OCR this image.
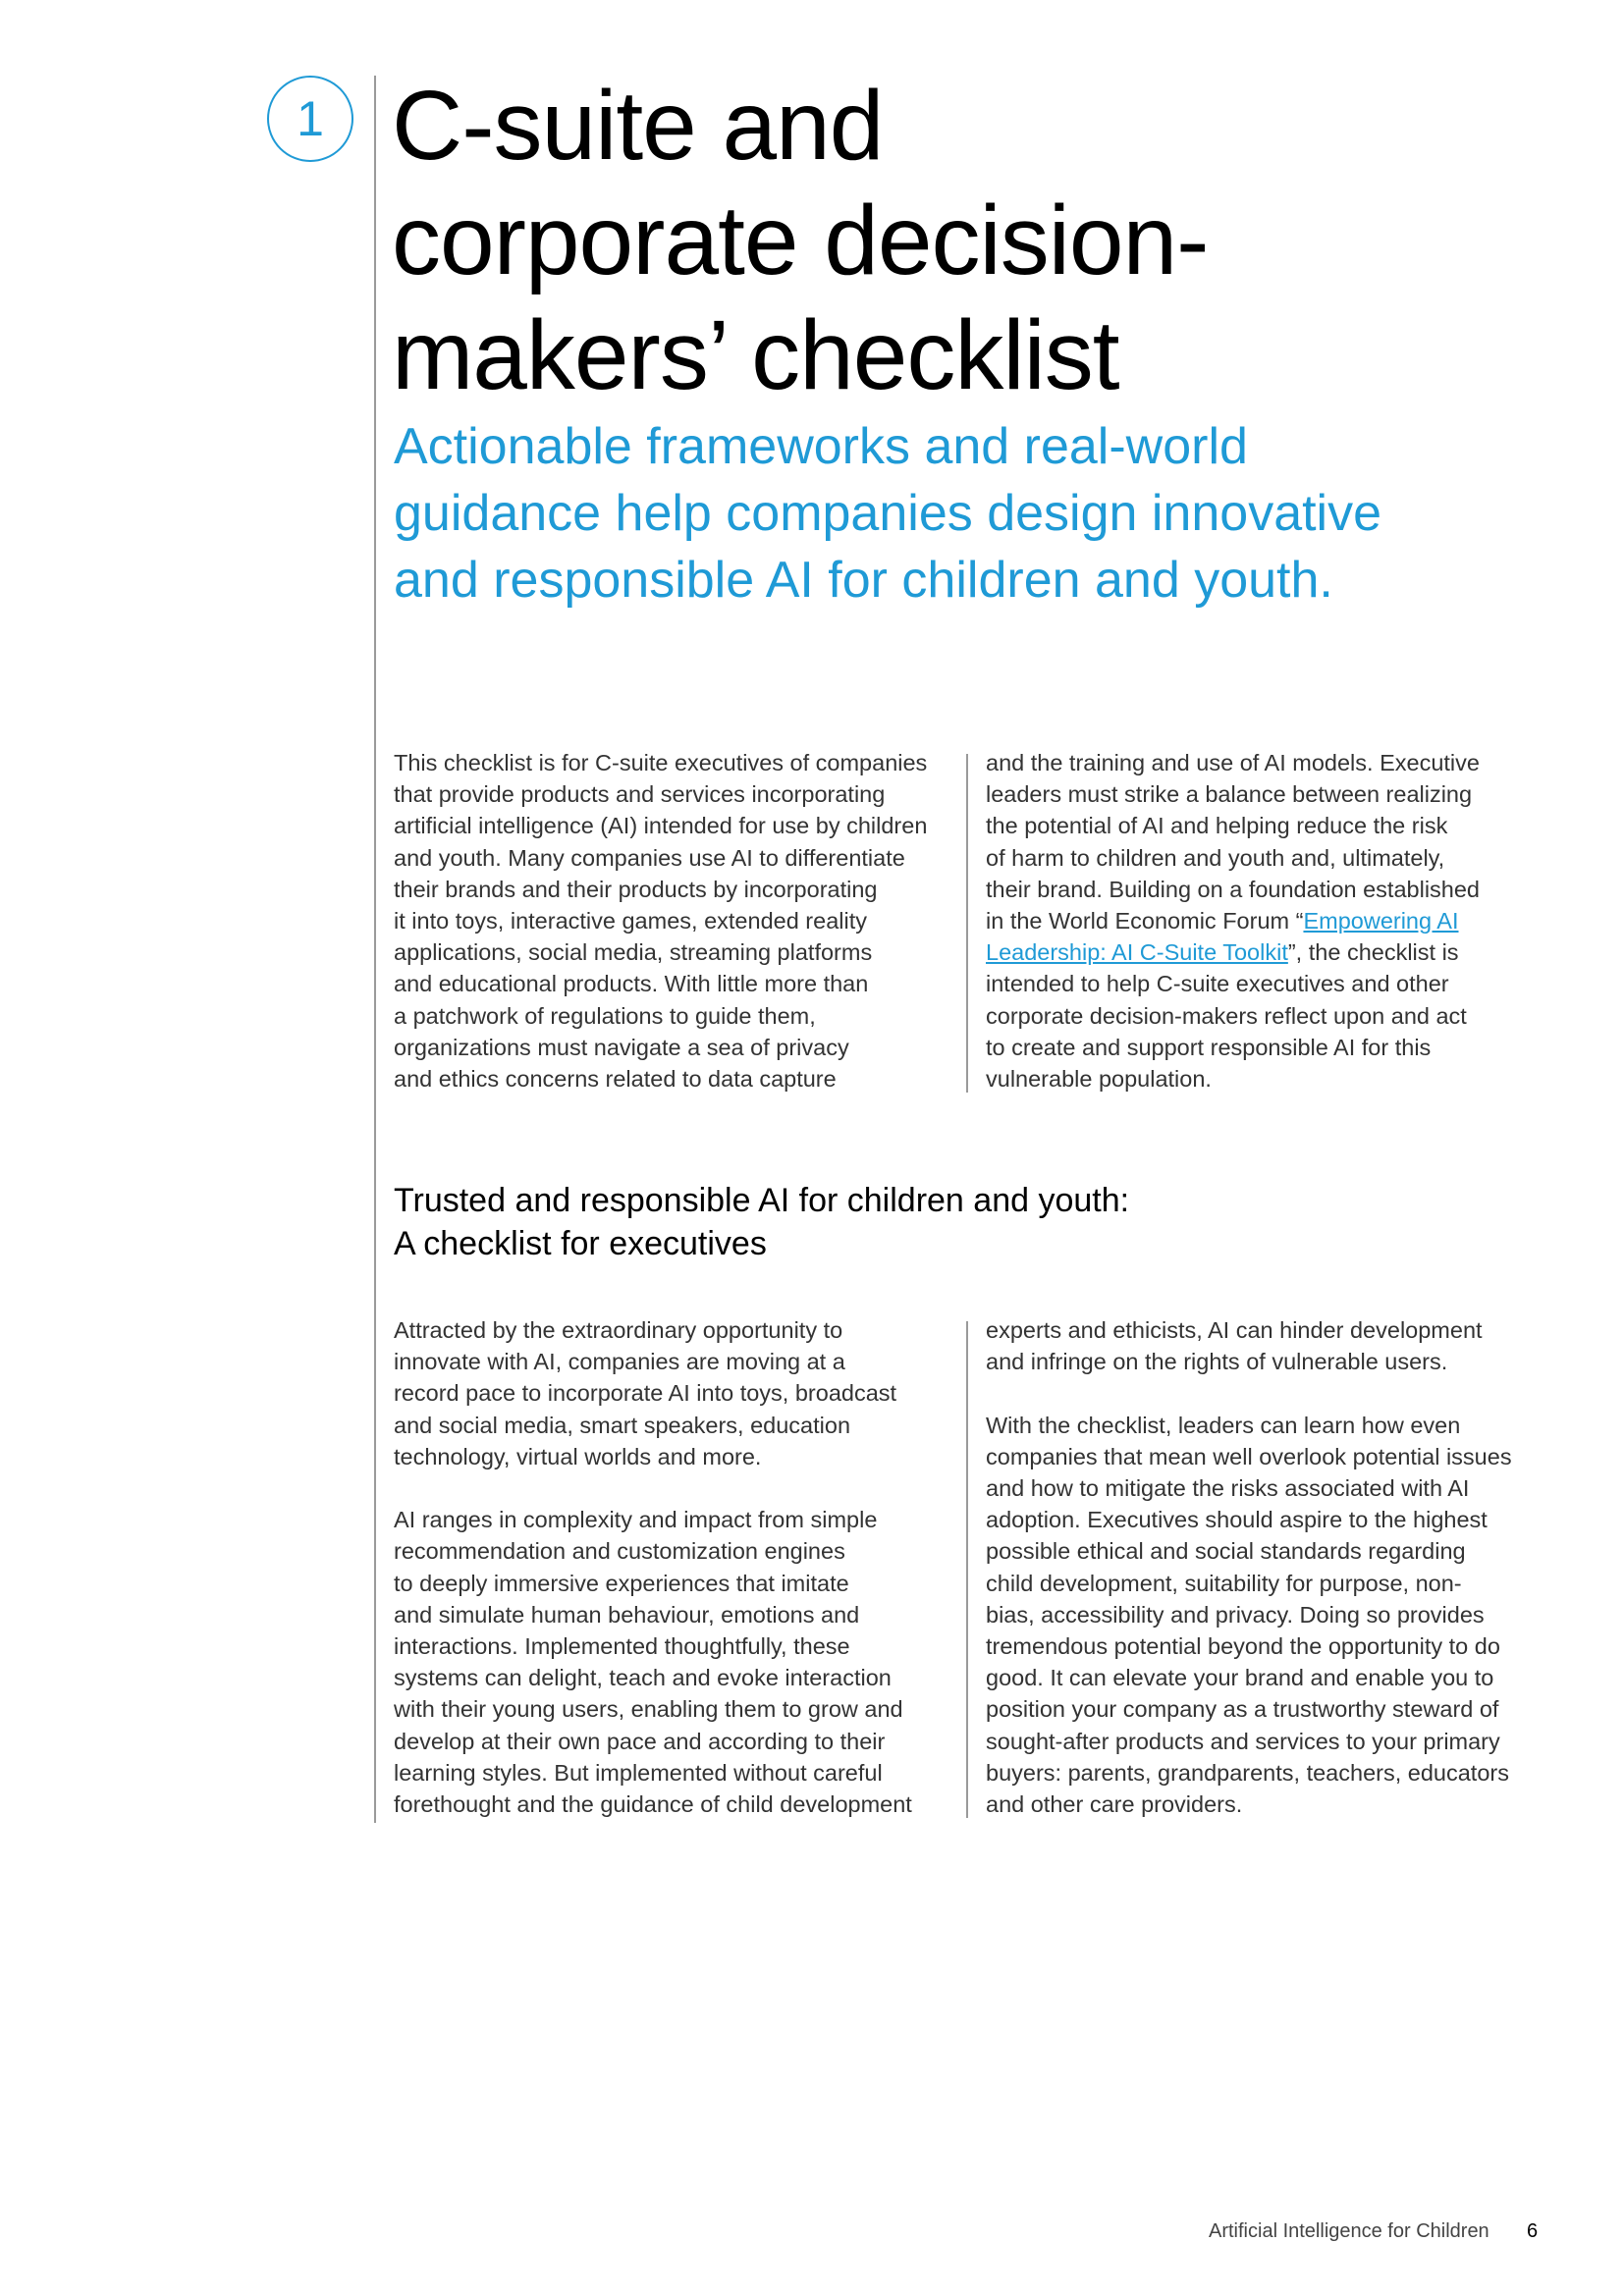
1 C-suite and
corporate decision-
makers’ checklist
Actionable frameworks and real-world
guidance help companies design innovative
and responsible AI for children and youth.
This checklist is for C-suite executives of companies
that provide products and services incorporating
artificial intelligence (AI) intended for use by children
and youth. Many companies use AI to differentiate
their brands and their products by incorporating
it into toys, interactive games, extended reality
applications, social media, streaming platforms
and educational products. With little more than
a patchwork of regulations to guide them,
organizations must navigate a sea of privacy
and ethics concerns related to data capture
and the training and use of AI models. Executive
leaders must strike a balance between realizing
the potential of AI and helping reduce the risk
of harm to children and youth and, ultimately,
their brand. Building on a foundation established
in the World Economic Forum “Empowering AI
Leadership: AI C-Suite Toolkit”, the checklist is
intended to help C-suite executives and other
corporate decision-makers reflect upon and act
to create and support responsible AI for this
vulnerable population.
Trusted and responsible AI for children and youth:
A checklist for executives
Attracted by the extraordinary opportunity to
innovate with AI, companies are moving at a
record pace to incorporate AI into toys, broadcast
and social media, smart speakers, education
technology, virtual worlds and more.
AI ranges in complexity and impact from simple
recommendation and customization engines
to deeply immersive experiences that imitate
and simulate human behaviour, emotions and
interactions. Implemented thoughtfully, these
systems can delight, teach and evoke interaction
with their young users, enabling them to grow and
develop at their own pace and according to their
learning styles. But implemented without careful
forethought and the guidance of child development
experts and ethicists, AI can hinder development
and infringe on the rights of vulnerable users.
With the checklist, leaders can learn how even
companies that mean well overlook potential issues
and how to mitigate the risks associated with AI
adoption. Executives should aspire to the highest
possible ethical and social standards regarding
child development, suitability for purpose, non-
bias, accessibility and privacy. Doing so provides
tremendous potential beyond the opportunity to do
good. It can elevate your brand and enable you to
position your company as a trustworthy steward of
sought-after products and services to your primary
buyers: parents, grandparents, teachers, educators
and other care providers.
Artificial Intelligence for Children 6
